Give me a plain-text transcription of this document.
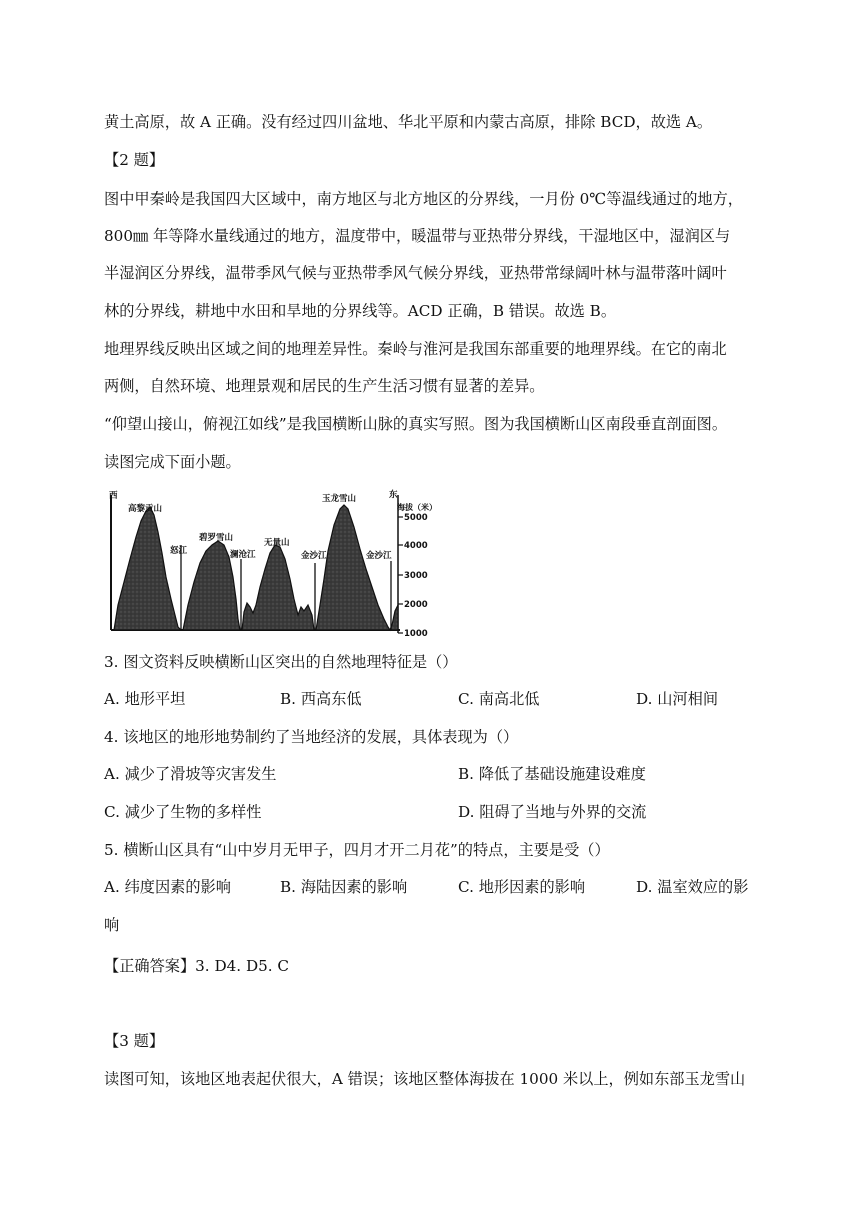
黄土高原，故 A 正确。没有经过四川盆地、华北平原和内蒙古高原，排除 BCD，故选 A。
【2 题】
图中甲秦岭是我国四大区域中，南方地区与北方地区的分界线，一月份 0℃等温线通过的地方，
800㎜ 年等降水量线通过的地方，温度带中，暖温带与亚热带分界线，干湿地区中，湿润区与
半湿润区分界线，温带季风气候与亚热带季风气候分界线，亚热带常绿阔叶林与温带落叶阔叶
林的分界线，耕地中水田和旱地的分界线等。ACD 正确，B 错误。故选 B。
地理界线反映出区域之间的地理差异性。秦岭与淮河是我国东部重要的地理界线。在它的南北
两侧，自然环境、地理景观和居民的生产生活习惯有显著的差异。
“仰望山接山，俯视江如线”是我国横断山脉的真实写照。图为我国横断山区南段垂直剖面图。
读图完成下面小题。
西	东
海拔（米）
5000
4000
3000
2000
1000
高黎贡山
碧罗雪山	无量山
玉龙雪山
怒江	澜沧江	金沙江	金沙江
3. 图文资料反映横断山区突出的自然地理特征是（）
A. 地形平坦	B. 西高东低	C. 南高北低	D. 山河相间
4. 该地区的地形地势制约了当地经济的发展，具体表现为（）
A. 减少了滑坡等灾害发生	B. 降低了基础设施建设难度
C. 减少了生物的多样性	D. 阻碍了当地与外界的交流
5. 横断山区具有“山中岁月无甲子，四月才开二月花”的特点，主要是受（）
A. 纬度因素的影响	B. 海陆因素的影响	C. 地形因素的影响	D. 温室效应的影
响
【正确答案】3. D4. D5. C
【3 题】
读图可知，该地区地表起伏很大，A 错误；该地区整体海拔在 1000 米以上，例如东部玉龙雪山
